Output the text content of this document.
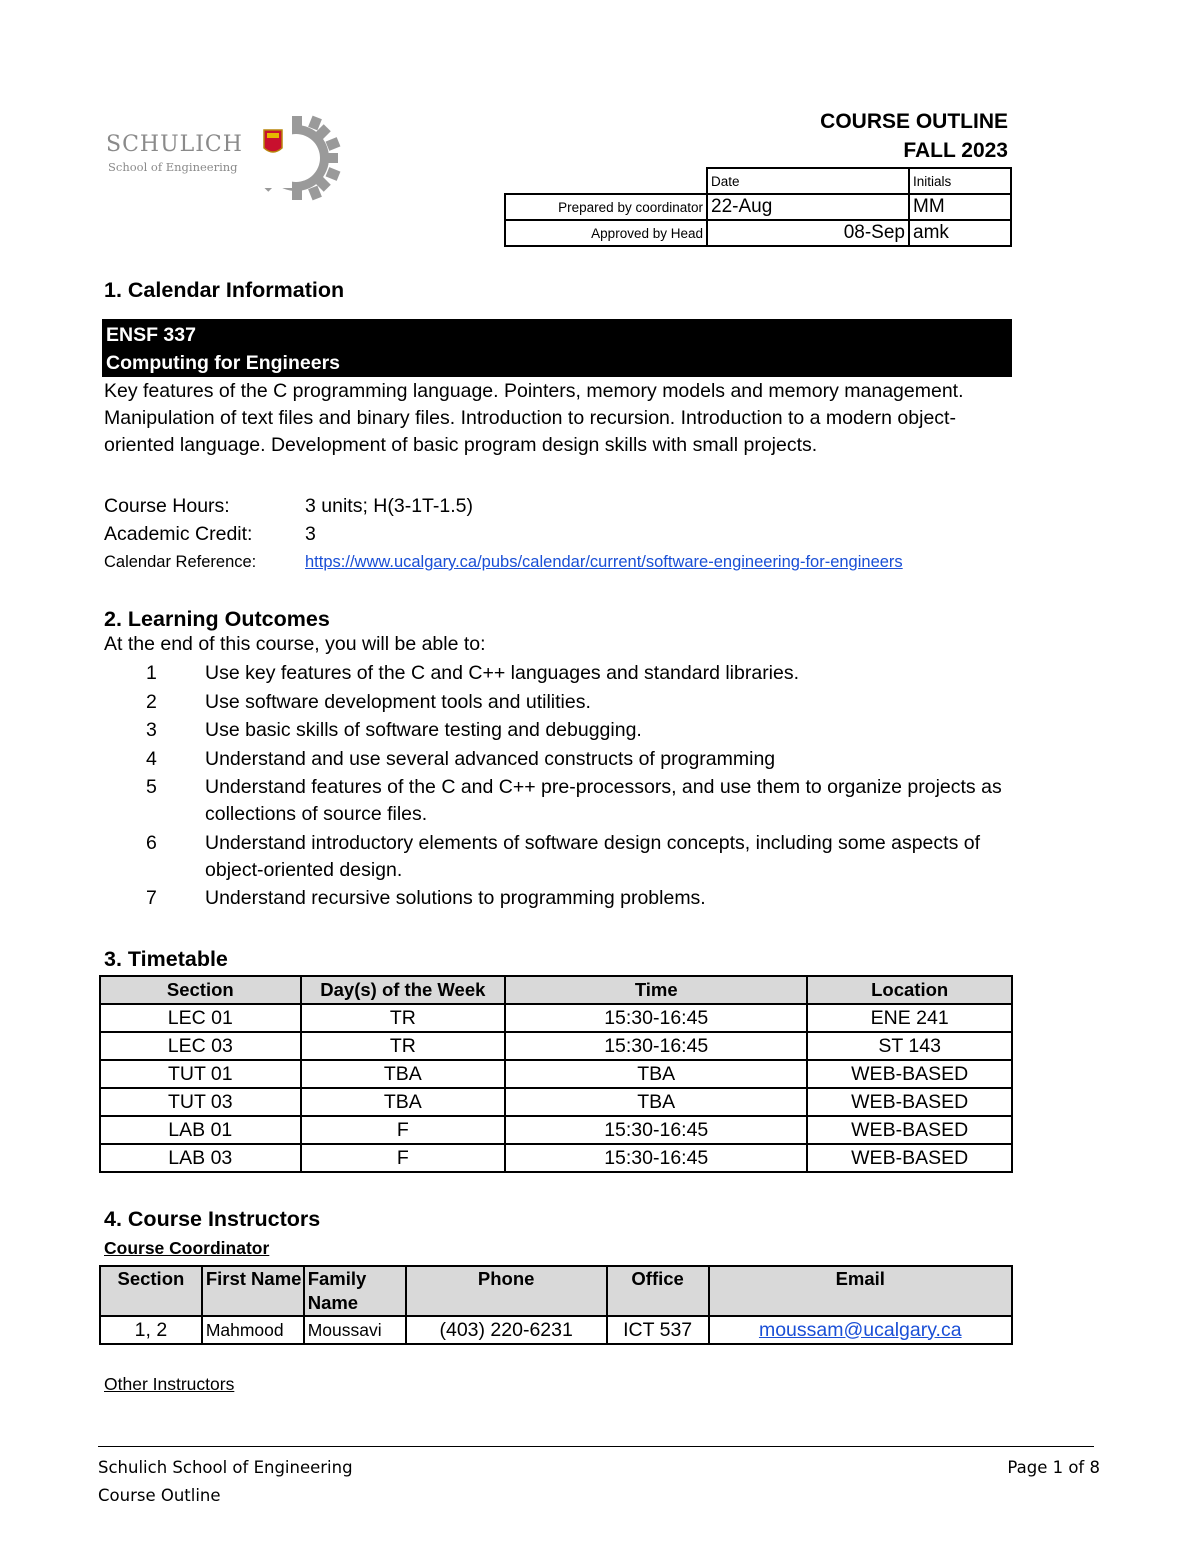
SCHULICH
School of Engineering
COURSE OUTLINE
FALL 2023
	Date	Initials
Prepared by coordinator	22-Aug	MM
Approved by Head	08-Sep	amk
1. Calendar Information
ENSF 337
Computing for Engineers
Key features of the C programming language. Pointers, memory models and memory management. Manipulation of text files and binary files. Introduction to recursion. Introduction to a modern object-oriented language. Development of basic program design skills with small projects.
Course Hours:	3 units; H(3-1T-1.5)
Academic Credit:	3
Calendar Reference:	https://www.ucalgary.ca/pubs/calendar/current/software-engineering-for-engineers
2. Learning Outcomes
At the end of this course, you will be able to:
1 Use key features of the C and C++ languages and standard libraries.
2 Use software development tools and utilities.
3 Use basic skills of software testing and debugging.
4 Understand and use several advanced constructs of programming
5 Understand features of the C and C++ pre-processors, and use them to organize projects as collections of source files.
6 Understand introductory elements of software design concepts, including some aspects of object-oriented design.
7 Understand recursive solutions to programming problems.
3. Timetable
Section	Day(s) of the Week	Time	Location
LEC 01	TR	15:30-16:45	ENE 241
LEC 03	TR	15:30-16:45	ST 143
TUT 01	TBA	TBA	WEB-BASED
TUT 03	TBA	TBA	WEB-BASED
LAB 01	F	15:30-16:45	WEB-BASED
LAB 03	F	15:30-16:45	WEB-BASED
4. Course Instructors
Course Coordinator
Section	First Name	Family Name	Phone	Office	Email
1, 2	Mahmood	Moussavi	(403) 220-6231	ICT 537	moussam@ucalgary.ca
Other Instructors
Schulich School of Engineering
Course Outline
Page 1 of 8
